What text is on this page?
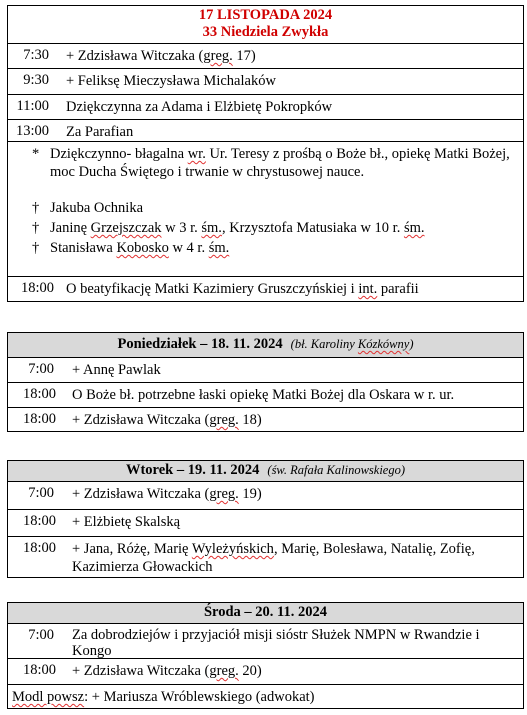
17 LISTOPADA 2024
33 Niedziela Zwykła
7:30 + Zdzisława Witczaka (greg. 17)
9:30 + Feliksę Mieczysława Michalaków
11:00 Dziękczynna za Adama i Elżbietę Pokropków
13:00 Za Parafian
* Dziękczynno- błagalna wr. Ur. Teresy z prośbą o Boże bł., opiekę Matki Bożej, moc Ducha Świętego i trwanie w chrystusowej nauce.
† Jakuba Ochnika
† Janinę Grzejszczak w 3 r. śm., Krzysztofa Matusiaka w 10 r. śm.
† Stanisława Kobosko w 4 r. śm.
18:00 O beatyfikację Matki Kazimiery Gruszczyńskiej i int. parafii
Poniedziałek – 18. 11. 2024 (bł. Karoliny Kózkówny)
7:00 + Annę Pawlak
18:00 O Boże bł. potrzebne łaski opiekę Matki Bożej dla Oskara w r. ur.
18:00 + Zdzisława Witczaka (greg. 18)
Wtorek – 19. 11. 2024 (św. Rafała Kalinowskiego)
7:00 + Zdzisława Witczaka (greg. 19)
18:00 + Elżbietę Skalską
18:00 + Jana, Różę, Marię Wyleżyńskich, Marię, Bolesława, Natalię, Zofię, Kazimierza Głowackich
Środa – 20. 11. 2024
7:00 Za dobrodziejów i przyjaciół misji sióstr Służek NMPN w Rwandzie i Kongo
18:00 + Zdzisława Witczaka (greg. 20)
Modl powsz: + Mariusza Wróblewskiego (adwokat)
